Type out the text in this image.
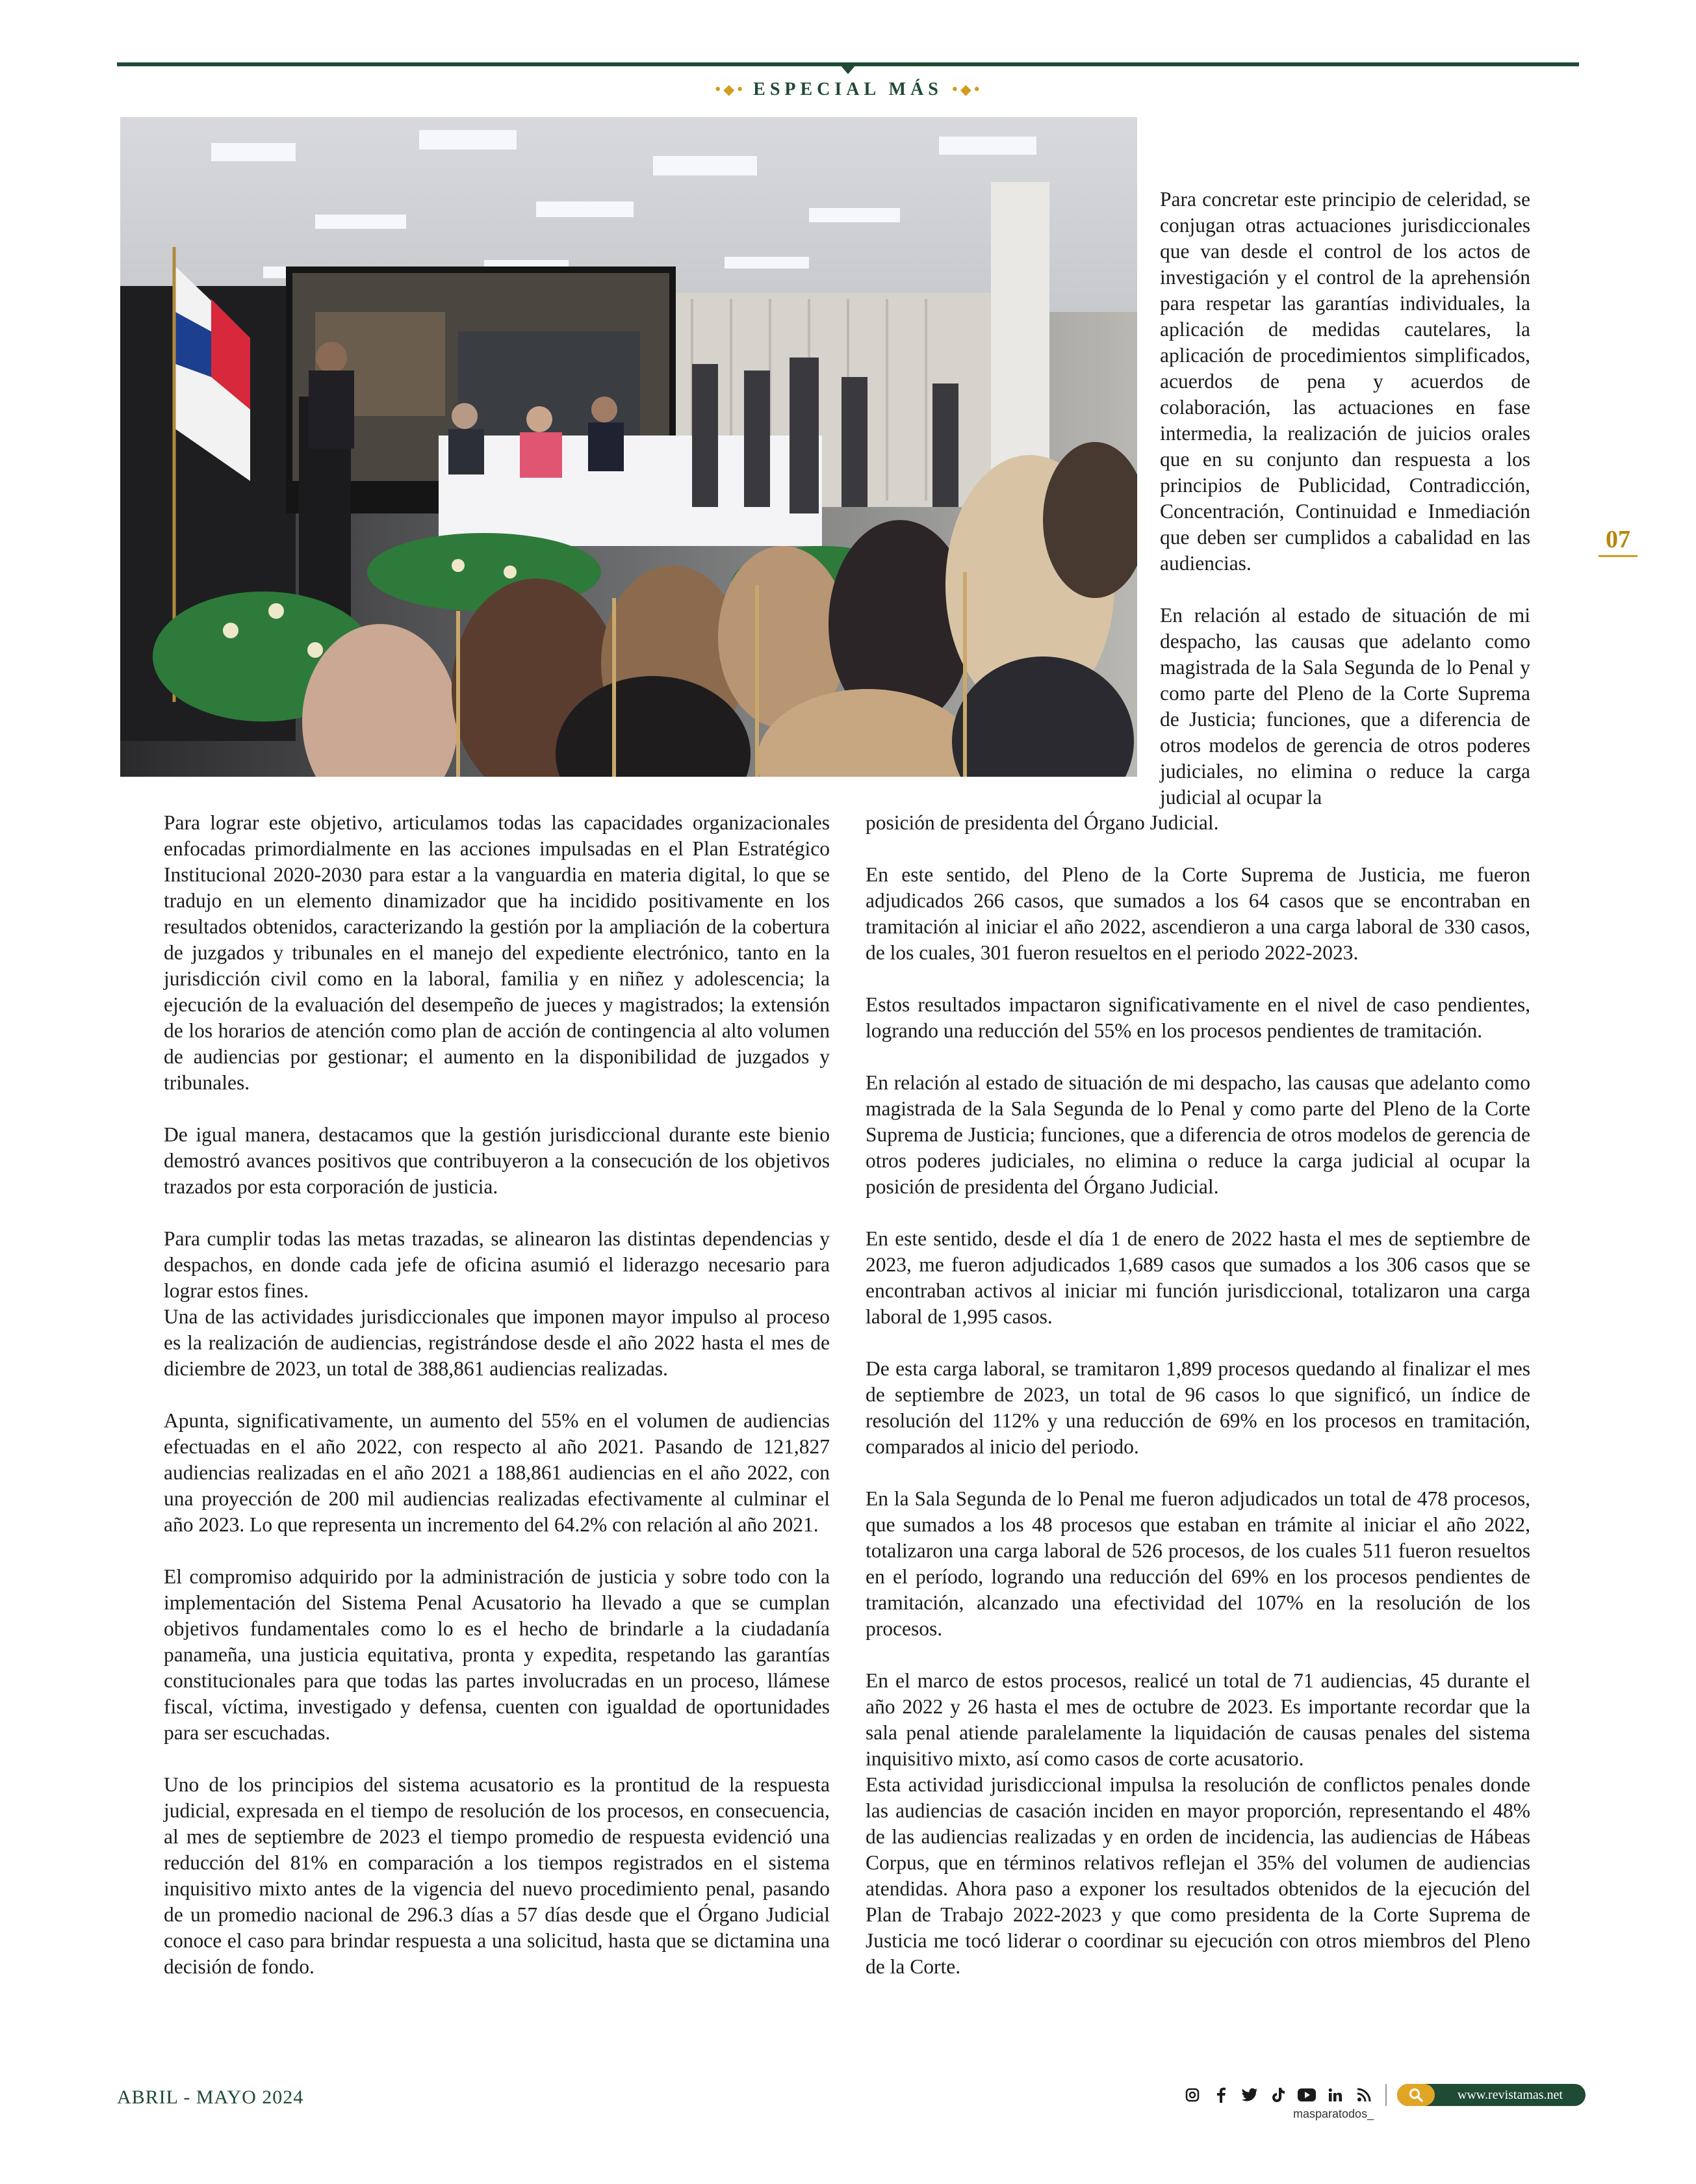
•◆• ESPECIAL MÁS •◆•
07

Para concretar este principio de celeridad, se conjugan otras actuaciones jurisdiccionales que van desde el control de los actos de investigación y el control de la aprehensión para respetar las garantías individuales, la aplicación de medidas cautelares, la aplicación de procedimientos simplificados, acuerdos de pena y acuerdos de colaboración, las actuaciones en fase intermedia, la realización de juicios orales que en su conjunto dan respuesta a los principios de Publicidad, Contradicción, Concentración, Continuidad e Inmediación que deben ser cumplidos a cabalidad en las audiencias.

En relación al estado de situación de mi despacho, las causas que adelanto como magistrada de la Sala Segunda de lo Penal y como parte del Pleno de la Corte Suprema de Justicia; funciones, que a diferencia de otros modelos de gerencia de otros poderes judiciales, no elimina o reduce la carga judicial al ocupar la

Para lograr este objetivo, articulamos todas las capacidades organizacionales enfocadas primordialmente en las acciones impulsadas en el Plan Estratégico Institucional 2020-2030 para estar a la vanguardia en materia digital, lo que se tradujo en un elemento dinamizador que ha incidido positivamente en los resultados obtenidos, caracterizando la gestión por la ampliación de la cobertura de juzgados y tribunales en el manejo del expediente electrónico, tanto en la jurisdicción civil como en la laboral, familia y en niñez y adolescencia; la ejecución de la evaluación del desempeño de jueces y magistrados; la extensión de los horarios de atención como plan de acción de contingencia al alto volumen de audiencias por gestionar; el aumento en la disponibilidad de juzgados y tribunales.

De igual manera, destacamos que la gestión jurisdiccional durante este bienio demostró avances positivos que contribuyeron a la consecución de los objetivos trazados por esta corporación de justicia.

Para cumplir todas las metas trazadas, se alinearon las distintas dependencias y despachos, en donde cada jefe de oficina asumió el liderazgo necesario para lograr estos fines.

Una de las actividades jurisdiccionales que imponen mayor impulso al proceso es la realización de audiencias, registrándose desde el año 2022 hasta el mes de diciembre de 2023, un total de 388,861 audiencias realizadas.

Apunta, significativamente, un aumento del 55% en el volumen de audiencias efectuadas en el año 2022, con respecto al año 2021. Pasando de 121,827 audiencias realizadas en el año 2021 a 188,861 audiencias en el año 2022, con una proyección de 200 mil audiencias realizadas efectivamente al culminar el año 2023. Lo que representa un incremento del 64.2% con relación al año 2021.

El compromiso adquirido por la administración de justicia y sobre todo con la implementación del Sistema Penal Acusatorio ha llevado a que se cumplan objetivos fundamentales como lo es el hecho de brindarle a la ciudadanía panameña, una justicia equitativa, pronta y expedita, respetando las garantías constitucionales para que todas las partes involucradas en un proceso, llámese fiscal, víctima, investigado y defensa, cuenten con igualdad de oportunidades para ser escuchadas.

Uno de los principios del sistema acusatorio es la prontitud de la respuesta judicial, expresada en el tiempo de resolución de los procesos, en consecuencia, al mes de septiembre de 2023 el tiempo promedio de respuesta evidenció una reducción del 81% en comparación a los tiempos registrados en el sistema inquisitivo mixto antes de la vigencia del nuevo procedimiento penal, pasando de un promedio nacional de 296.3 días a 57 días desde que el Órgano Judicial conoce el caso para brindar respuesta a una solicitud, hasta que se dictamina una decisión de fondo.

posición de presidenta del Órgano Judicial.

En este sentido, del Pleno de la Corte Suprema de Justicia, me fueron adjudicados 266 casos, que sumados a los 64 casos que se encontraban en tramitación al iniciar el año 2022, ascendieron a una carga laboral de 330 casos, de los cuales, 301 fueron resueltos en el periodo 2022-2023.

Estos resultados impactaron significativamente en el nivel de caso pendientes, logrando una reducción del 55% en los procesos pendientes de tramitación.

En relación al estado de situación de mi despacho, las causas que adelanto como magistrada de la Sala Segunda de lo Penal y como parte del Pleno de la Corte Suprema de Justicia; funciones, que a diferencia de otros modelos de gerencia de otros poderes judiciales, no elimina o reduce la carga judicial al ocupar la posición de presidenta del Órgano Judicial.

En este sentido, desde el día 1 de enero de 2022 hasta el mes de septiembre de 2023, me fueron adjudicados 1,689 casos que sumados a los 306 casos que se encontraban activos al iniciar mi función jurisdiccional, totalizaron una carga laboral de 1,995 casos.

De esta carga laboral, se tramitaron 1,899 procesos quedando al finalizar el mes de septiembre de 2023, un total de 96 casos lo que significó, un índice de resolución del 112% y una reducción de 69% en los procesos en tramitación, comparados al inicio del periodo.

En la Sala Segunda de lo Penal me fueron adjudicados un total de 478 procesos, que sumados a los 48 procesos que estaban en trámite al iniciar el año 2022, totalizaron una carga laboral de 526 procesos, de los cuales 511 fueron resueltos en el período, logrando una reducción del 69% en los procesos pendientes de tramitación, alcanzado una efectividad del 107% en la resolución de los procesos.

En el marco de estos procesos, realicé un total de 71 audiencias, 45 durante el año 2022 y 26 hasta el mes de octubre de 2023. Es importante recordar que la sala penal atiende paralelamente la liquidación de causas penales del sistema inquisitivo mixto, así como casos de corte acusatorio.

Esta actividad jurisdiccional impulsa la resolución de conflictos penales donde las audiencias de casación inciden en mayor proporción, representando el 48% de las audiencias realizadas y en orden de incidencia, las audiencias de Hábeas Corpus, que en términos relativos reflejan el 35% del volumen de audiencias atendidas. Ahora paso a exponer los resultados obtenidos de la ejecución del Plan de Trabajo 2022-2023 y que como presidenta de la Corte Suprema de Justicia me tocó liderar o coordinar su ejecución con otros miembros del Pleno de la Corte.

ABRIL - MAYO 2024
masparatodos_
www.revistamas.net
